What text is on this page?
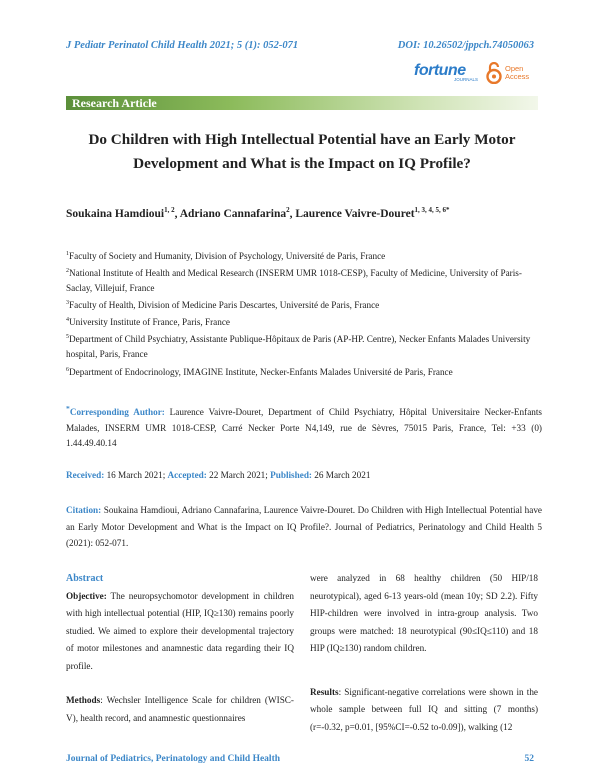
J Pediatr Perinatol Child Health 2021; 5 (1): 052-071	DOI: 10.26502/jppch.74050063
fortune
JOURNALS
Open
Access
Research Article
Do Children with High Intellectual Potential have an Early Motor Development and What is the Impact on IQ Profile?
Soukaina Hamdioui$^{1, 2}$, Adriano Cannafarina$^2$, Laurence Vaivre-Douret$^{1, 3, 4, 5, 6*}$
$^1$Faculty of Society and Humanity, Division of Psychology, Université de Paris, France
$^2$National Institute of Health and Medical Research (INSERM UMR 1018-CESP), Faculty of Medicine, University of Paris-Saclay, Villejuif, France
$^3$Faculty of Health, Division of Medicine Paris Descartes, Université de Paris, France
$^4$University Institute of France, Paris, France
$^5$Department of Child Psychiatry, Assistante Publique-Hôpitaux de Paris (AP-HP. Centre), Necker Enfants Malades University hospital, Paris, France
$^6$Department of Endocrinology, IMAGINE Institute, Necker-Enfants Malades Université de Paris, France
*Corresponding Author: Laurence Vaivre-Douret, Department of Child Psychiatry, Hôpital Universitaire Necker-Enfants Malades, INSERM UMR 1018-CESP, Carré Necker Porte N4,149, rue de Sèvres, 75015 Paris, France, Tel: +33 (0) 1.44.49.40.14
Received: 16 March 2021; Accepted: 22 March 2021; Published: 26 March 2021
Citation: Soukaina Hamdioui, Adriano Cannafarina, Laurence Vaivre-Douret. Do Children with High Intellectual Potential have an Early Motor Development and What is the Impact on IQ Profile?. Journal of Pediatrics, Perinatology and Child Health 5 (2021): 052-071.
Abstract
Objective: The neuropsychomotor development in children with high intellectual potential (HIP, IQ≥130) remains poorly studied. We aimed to explore their developmental trajectory of motor milestones and anamnestic data regarding their IQ profile.
Methods: Wechsler Intelligence Scale for children (WISC-V), health record, and anamnestic questionnaires
were analyzed in 68 healthy children (50 HIP/18 neurotypical), aged 6-13 years-old (mean 10y; SD 2.2). Fifty HIP-children were involved in intra-group analysis. Two groups were matched: 18 neurotypical (90≤IQ≤110) and 18 HIP (IQ≥130) random children.
Results: Significant-negative correlations were shown in the whole sample between full IQ and sitting (7 months) (r=-0.32, p=0.01, [95%CI=-0.52 to-0.09]), walking (12
Journal of Pediatrics, Perinatology and Child Health	52
